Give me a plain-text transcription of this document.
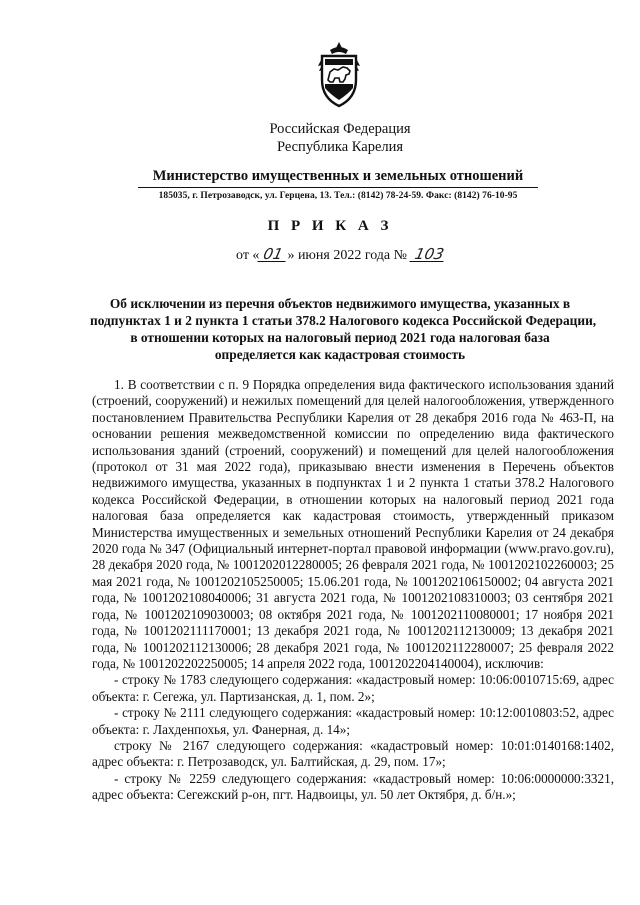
Российская Федерация
Республика Карелия
Министерство имущественных и земельных отношений
185035, г. Петрозаводск, ул. Герцена, 13. Тел.: (8142) 78-24-59. Факс: (8142) 76-10-95
П Р И К А З
от « 01 » июня 2022 года № 103
Об исключении из перечня объектов недвижимого имущества, указанных в
подпунктах 1 и 2 пункта 1 статьи 378.2 Налогового кодекса Российской Федерации,
в отношении которых на налоговый период 2021 года налоговая база
определяется как кадастровая стоимость

1. В соответствии с п. 9 Порядка определения вида фактического использования зданий (строений, сооружений) и нежилых помещений для целей налогообложения, утвержденного постановлением Правительства Республики Карелия от 28 декабря 2016 года № 463-П, на основании решения межведомственной комиссии по определению вида фактического использования зданий (строений, сооружений) и помещений для целей налогообложения (протокол от 31 мая 2022 года), приказываю внести изменения в Перечень объектов недвижимого имущества, указанных в подпунктах 1 и 2 пункта 1 статьи 378.2 Налогового кодекса Российской Федерации, в отношении которых на налоговый период 2021 года налоговая база определяется как кадастровая стоимость, утвержденный приказом Министерства имущественных и земельных отношений Республики Карелия от 24 декабря 2020 года № 347 (Официальный интернет-портал правовой информации (www.pravo.gov.ru), 28 декабря 2020 года, № 1001202012280005; 26 февраля 2021 года, № 1001202102260003; 25 мая 2021 года, № 1001202105250005; 15.06.201 года, № 1001202106150002; 04 августа 2021 года, № 1001202108040006; 31 августа 2021 года, № 1001202108310003; 03 сентября 2021 года, № 1001202109030003; 08 октября 2021 года, № 1001202110080001; 17 ноября 2021 года, № 1001202111170001; 13 декабря 2021 года, № 1001202112130009; 13 декабря 2021 года, № 1001202112130006; 28 декабря 2021 года, № 1001202112280007; 25 февраля 2022 года, № 1001202202250005; 14 апреля 2022 года, 1001202204140004), исключив:

- строку № 1783 следующего содержания: «кадастровый номер: 10:06:0010715:69, адрес объекта: г. Сегежа, ул. Партизанская, д. 1, пом. 2»;

- строку № 2111 следующего содержания: «кадастровый номер: 10:12:0010803:52, адрес объекта: г. Лахденпохья, ул. Фанерная, д. 14»;

строку № 2167 следующего содержания: «кадастровый номер: 10:01:0140168:1402, адрес объекта: г. Петрозаводск, ул. Балтийская, д. 29, пом. 17»;

- строку № 2259 следующего содержания: «кадастровый номер: 10:06:0000000:3321, адрес объекта: Сегежский р-он, пгт. Надвоицы, ул. 50 лет Октября, д. б/н.»;
